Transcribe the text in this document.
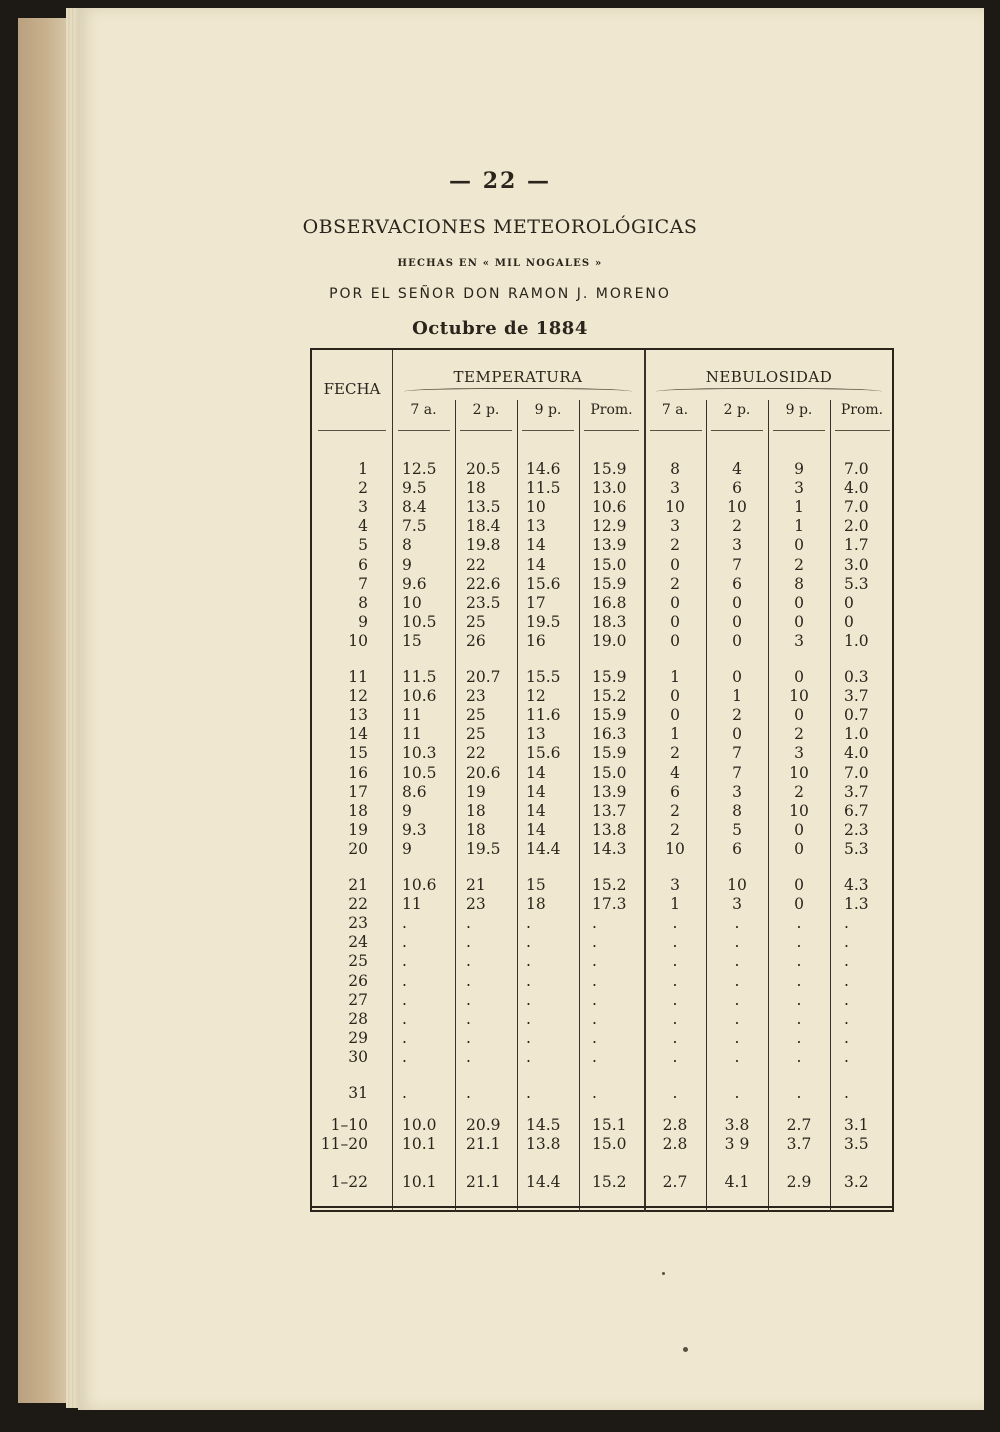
— 22 —
OBSERVACIONES METEOROLÓGICAS
HECHAS EN « MIL NOGALES »
POR EL SEÑOR DON RAMON J. MORENO
Octubre de 1884
FECHA
TEMPERATURA	NEBULOSIDAD
7 a.	2 p.	9 p.	Prom.	7 a.	2 p.	9 p.	Prom.
1 12.5	20.5	14.6	15.9	8	4	9	7.0
2 9.5	18	11.5	13.0	3	6	3	4.0
3 8.4	13.5	10	10.6	10	10	1	7.0
4 7.5	18.4	13	12.9	3	2	1	2.0
5 8	19.8	14	13.9	2	3	0	1.7
6 9	22	14	15.0	0	7	2	3.0
7 9.6	22.6	15.6	15.9	2	6	8	5.3
8 10	23.5	17	16.8	0	0	0	0
9 10.5	25	19.5	18.3	0	0	0	0
10 15	26	16	19.0	0	0	3	1.0
11 11.5	20.7	15.5	15.9	1	0	0	0.3
12 10.6	23	12	15.2	0	1	10	3.7
13 11	25	11.6	15.9	0	2	0	0.7
14 11	25	13	16.3	1	0	2	1.0
15 10.3	22	15.6	15.9	2	7	3	4.0
16 10.5	20.6	14	15.0	4	7	10	7.0
17 8.6	19	14	13.9	6	3	2	3.7
18 9	18	14	13.7	2	8	10	6.7
19 9.3	18	14	13.8	2	5	0	2.3
20 9	19.5	14.4	14.3	10	6	0	5.3
21 10.6	21	15	15.2	3	10	0	4.3
22 11	23	18	17.3	1	3	0	1.3
23 .	.	.	.	.	.	.	.
24 .	.	.	.	.	.	.	.
25 .	.	.	.	.	.	.	.
26 .	.	.	.	.	.	.	.
27 .	.	.	.	.	.	.	.
28 .	.	.	.	.	.	.	.
29 .	.	.	.	.	.	.	.
30 .	.	.	.	.	.	.	.
31 .	.	.	.	.	.	.	.
1–10 10.0	20.9	14.5	15.1	2.8	3.8	2.7	3.1
11–20 10.1	21.1	13.8	15.0	2.8	3 9	3.7	3.5
1–22 10.1	21.1	14.4	15.2	2.7	4.1	2.9	3.2
